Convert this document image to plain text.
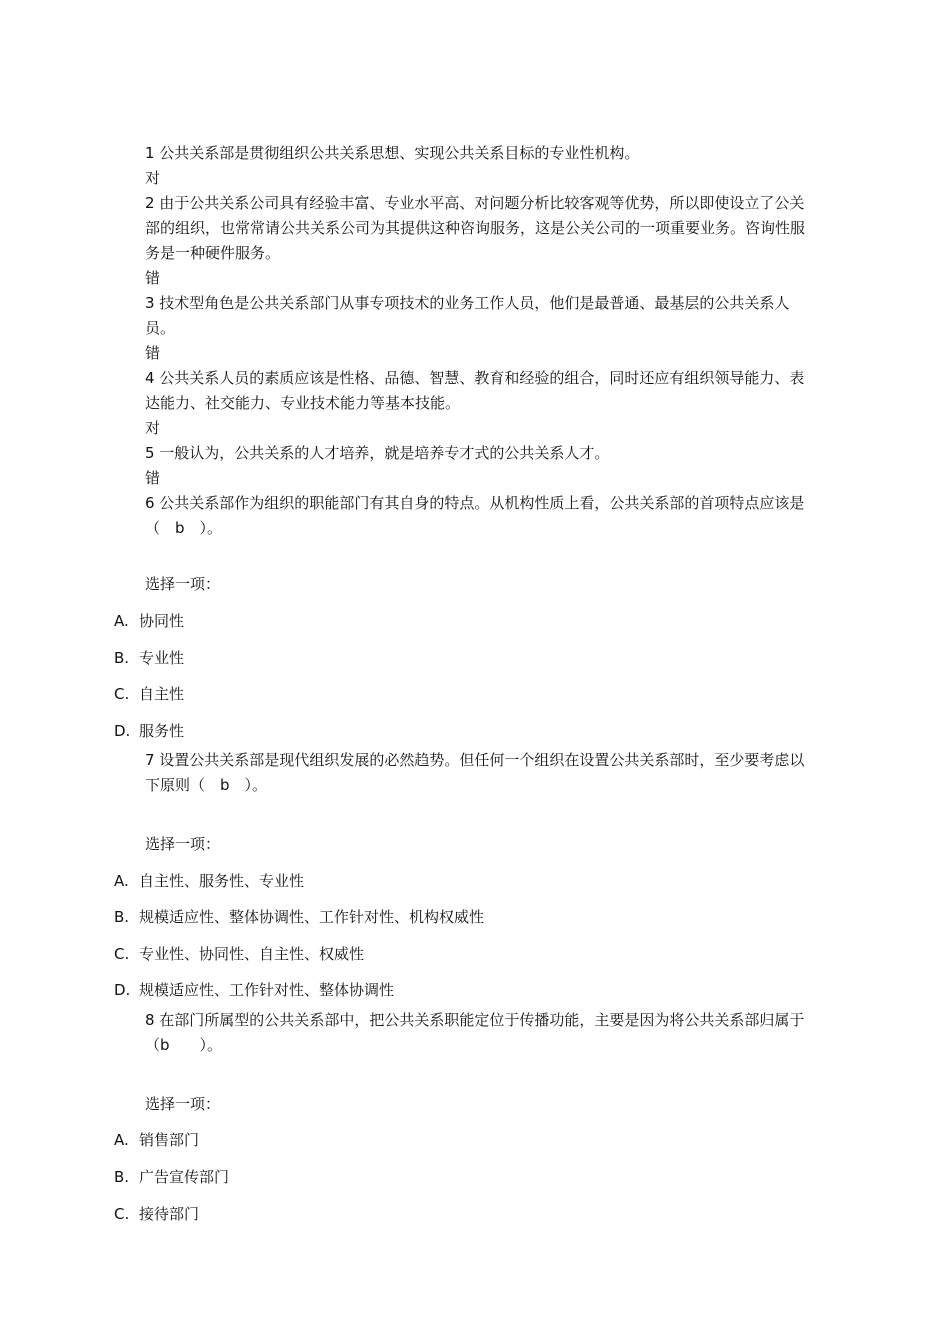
1 公共关系部是贯彻组织公共关系思想、实现公共关系目标的专业性机构。

对

2 由于公共关系公司具有经验丰富、专业水平高、对问题分析比较客观等优势，所以即使设立了公关部的组织，也常常请公共关系公司为其提供这种咨询服务，这是公关公司的一项重要业务。咨询性服务是一种硬件服务。

错

3 技术型角色是公共关系部门从事专项技术的业务工作人员，他们是最普通、最基层的公共关系人员。

错

4 公共关系人员的素质应该是性格、品德、智慧、教育和经验的组合，同时还应有组织领导能力、表达能力、社交能力、专业技术能力等基本技能。

对

5 一般认为，公共关系的人才培养，就是培养专才式的公共关系人才。

错

6 公共关系部作为组织的职能部门有其自身的特点。从机构性质上看，公共关系部的首项特点应该是（　b　）。

选择一项：
A. 协同性
B. 专业性
C. 自主性
D. 服务性

7 设置公共关系部是现代组织发展的必然趋势。但任何一个组织在设置公共关系部时，至少要考虑以下原则（　b　）。

选择一项：
A. 自主性、服务性、专业性
B. 规模适应性、整体协调性、工作针对性、机构权威性
C. 专业性、协同性、自主性、权威性
D. 规模适应性、工作针对性、整体协调性

8 在部门所属型的公共关系部中，把公共关系职能定位于传播功能，主要是因为将公共关系部归属于（b　　）。

选择一项：
A. 销售部门
B. 广告宣传部门
C. 接待部门
